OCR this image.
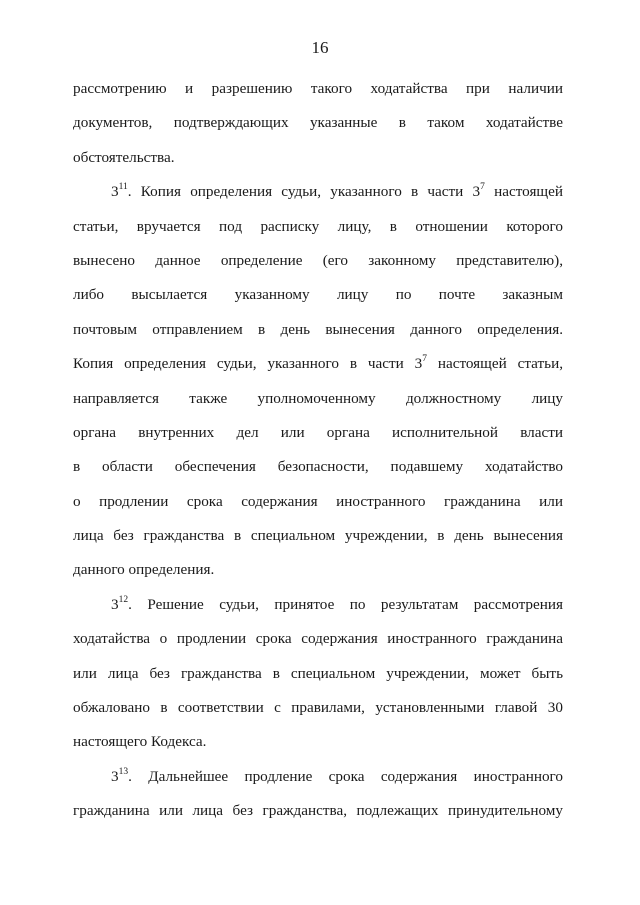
16
рассмотрению и разрешению такого ходатайства при наличии
документов, подтверждающих указанные в таком ходатайстве
обстоятельства.
$3^{11}$. Копия определения судьи, указанного в части $3^7$ настоящей
статьи, вручается под расписку лицу, в отношении которого
вынесено данное определение (его законному представителю),
либо высылается указанному лицу по почте заказным
почтовым отправлением в день вынесения данного определения.
Копия определения судьи, указанного в части $3^7$ настоящей статьи,
направляется также уполномоченному должностному лицу
органа внутренних дел или органа исполнительной власти
в области обеспечения безопасности, подавшему ходатайство
о продлении срока содержания иностранного гражданина или
лица без гражданства в специальном учреждении, в день вынесения
данного определения.
$3^{12}$. Решение судьи, принятое по результатам рассмотрения
ходатайства о продлении срока содержания иностранного гражданина
или лица без гражданства в специальном учреждении, может быть
обжаловано в соответствии с правилами, установленными главой 30
настоящего Кодекса.
$3^{13}$. Дальнейшее продление срока содержания иностранного
гражданина или лица без гражданства, подлежащих принудительному
